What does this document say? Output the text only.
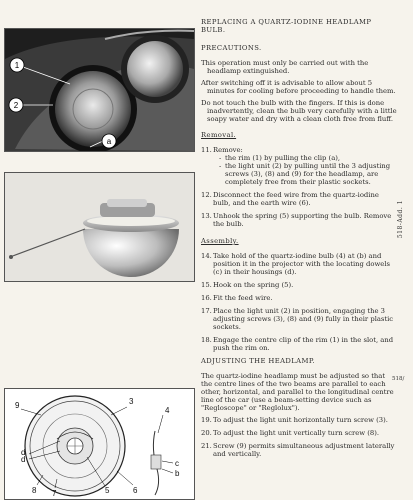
1
2
a
9	3
4
d
d
5
c
b
8 7	6
REPLACING A QUARTZ-IODINE HEADLAMP BULB.
PRECAUTIONS.
This operation must only be carried out with the headlamp extinguished.
After switching off it is advisable to allow about 5 minutes for cooling before proceeding to handle them.
Do not touch the bulb with the fingers. If this is done inadvertently, clean the bulb very carefully with a little soapy water and dry with a clean cloth free from fluff.
Removal.
11. Remove:
- the rim (1) by pulling the clip (a),
- the light unit (2) by pulling until the 3 adjusting screws (3), (8) and (9) for the headlamp, are completely free from their plastic sockets.
12. Disconnect the feed wire from the quartz-iodine bulb, and the earth wire (6).
13. Unhook the spring (5) supporting the bulb. Remove the bulb.
Assembly.
14. Take hold of the quartz-iodine bulb (4) at (b) and position it in the projector with the locating dowels (c) in their housings (d).
15. Hook on the spring (5).
16. Fit the feed wire.
17. Place the light unit (2) in position, engaging the 3 adjusting screws (3), (8) and (9) fully in their plastic sockets.
18. Engage the centre clip of the rim (1) in the slot, and push the rim on.
ADJUSTING THE HEADLAMP.
The quartz-iodine headlamp must be adjusted so that the centre lines of the two beams are parallel to each other, horizontal, and parallel to the longitudinal centre line of the car (use a beam-setting device such as "Regloscope" or "Reglolux").
19. To adjust the light unit horizontally turn screw (3).
20. To adjust the light unit vertically turn screw (8).
21. Screw (9) permits simultaneous adjustment laterally and vertically.
518-Add. 1
518/
